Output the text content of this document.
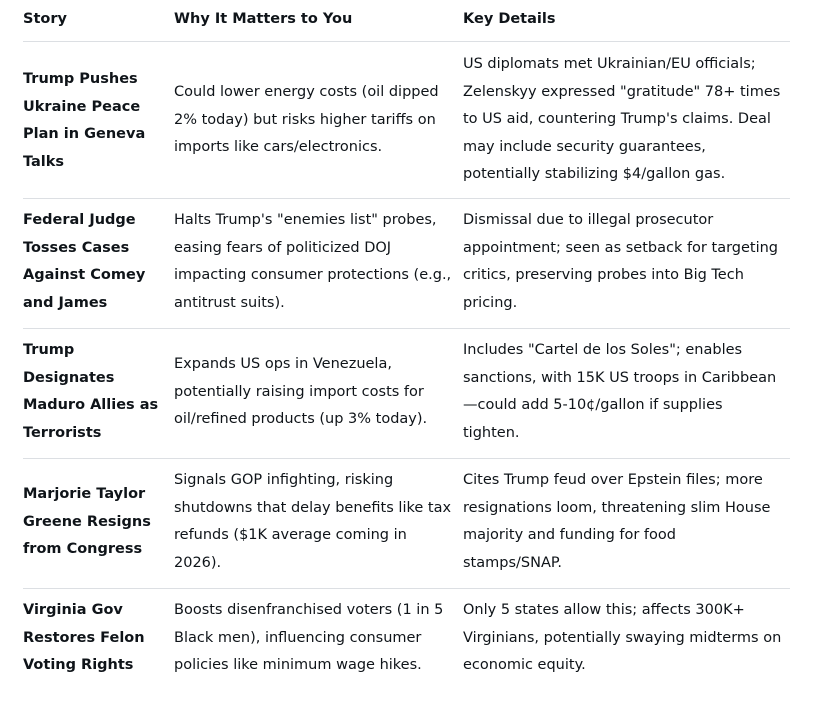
Story	Why It Matters to You	Key Details
Trump Pushes
Ukraine Peace
Plan in Geneva
Talks
Could lower energy costs (oil dipped
2% today) but risks higher tariffs on
imports like cars/electronics.
US diplomats met Ukrainian/EU officials;
Zelenskyy expressed "gratitude" 78+ times
to US aid, countering Trump's claims. Deal
may include security guarantees,
potentially stabilizing $4/gallon gas.
Federal Judge
Tosses Cases
Against Comey
and James
Halts Trump's "enemies list" probes,
easing fears of politicized DOJ
impacting consumer protections (e.g.,
antitrust suits).
Dismissal due to illegal prosecutor
appointment; seen as setback for targeting
critics, preserving probes into Big Tech
pricing.
Trump
Designates
Maduro Allies as
Terrorists
Expands US ops in Venezuela,
potentially raising import costs for
oil/refined products (up 3% today).
Includes "Cartel de los Soles"; enables
sanctions, with 15K US troops in Caribbean
—could add 5-10¢/gallon if supplies
tighten.
Marjorie Taylor
Greene Resigns
from Congress
Signals GOP infighting, risking
shutdowns that delay benefits like tax
refunds ($1K average coming in
2026).
Cites Trump feud over Epstein files; more
resignations loom, threatening slim House
majority and funding for food
stamps/SNAP.
Virginia Gov
Restores Felon
Voting Rights
Boosts disenfranchised voters (1 in 5
Black men), influencing consumer
policies like minimum wage hikes.
Only 5 states allow this; affects 300K+
Virginians, potentially swaying midterms on
economic equity.
